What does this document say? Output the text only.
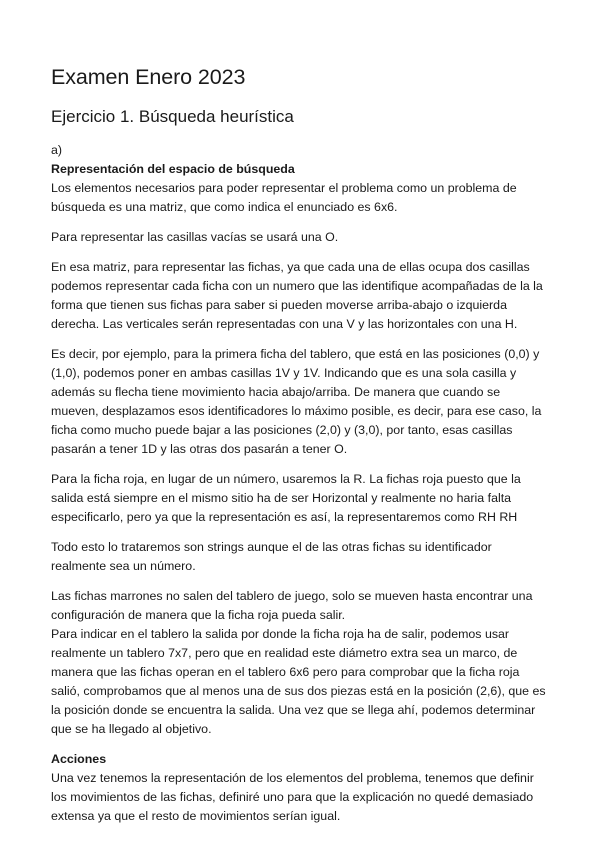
Examen Enero 2023
Ejercicio 1. Búsqueda heurística
a)
Representación del espacio de búsqueda

Los elementos necesarios para poder representar el problema como un problema de búsqueda es una matriz, que como indica el enunciado es 6x6.

Para representar las casillas vacías se usará una O.

En esa matriz, para representar las fichas, ya que cada una de ellas ocupa dos casillas podemos representar cada ficha con un numero que las identifique acompañadas de la la forma que tienen sus fichas para saber si pueden moverse arriba-abajo o izquierda derecha. Las verticales serán representadas con una V y las horizontales con una H.

Es decir, por ejemplo, para la primera ficha del tablero, que está en las posiciones (0,0) y (1,0), podemos poner en ambas casillas 1V y 1V. Indicando que es una sola casilla y además su flecha tiene movimiento hacia abajo/arriba. De manera que cuando se mueven, desplazamos esos identificadores lo máximo posible, es decir, para ese caso, la ficha como mucho puede bajar a las posiciones (2,0) y (3,0), por tanto, esas casillas pasarán a tener 1D y las otras dos pasarán a tener O.

Para la ficha roja, en lugar de un número, usaremos la R. La fichas roja puesto que la salida está siempre en el mismo sitio ha de ser Horizontal y realmente no haria falta especificarlo, pero ya que la representación es así, la representaremos como RH RH

Todo esto lo trataremos son strings aunque el de las otras fichas su identificador realmente sea un número.

Las fichas marrones no salen del tablero de juego, solo se mueven hasta encontrar una configuración de manera que la ficha roja pueda salir.

Para indicar en el tablero la salida por donde la ficha roja ha de salir, podemos usar realmente un tablero 7x7, pero que en realidad este diámetro extra sea un marco, de manera que las fichas operan en el tablero 6x6 pero para comprobar que la ficha roja salió, comprobamos que al menos una de sus dos piezas está en la posición (2,6), que es la posición donde se encuentra la salida. Una vez que se llega ahí, podemos determinar que se ha llegado al objetivo.

Acciones

Una vez tenemos la representación de los elementos del problema, tenemos que definir los movimientos de las fichas, definiré uno para que la explicación no quedé demasiado extensa ya que el resto de movimientos serían igual.
